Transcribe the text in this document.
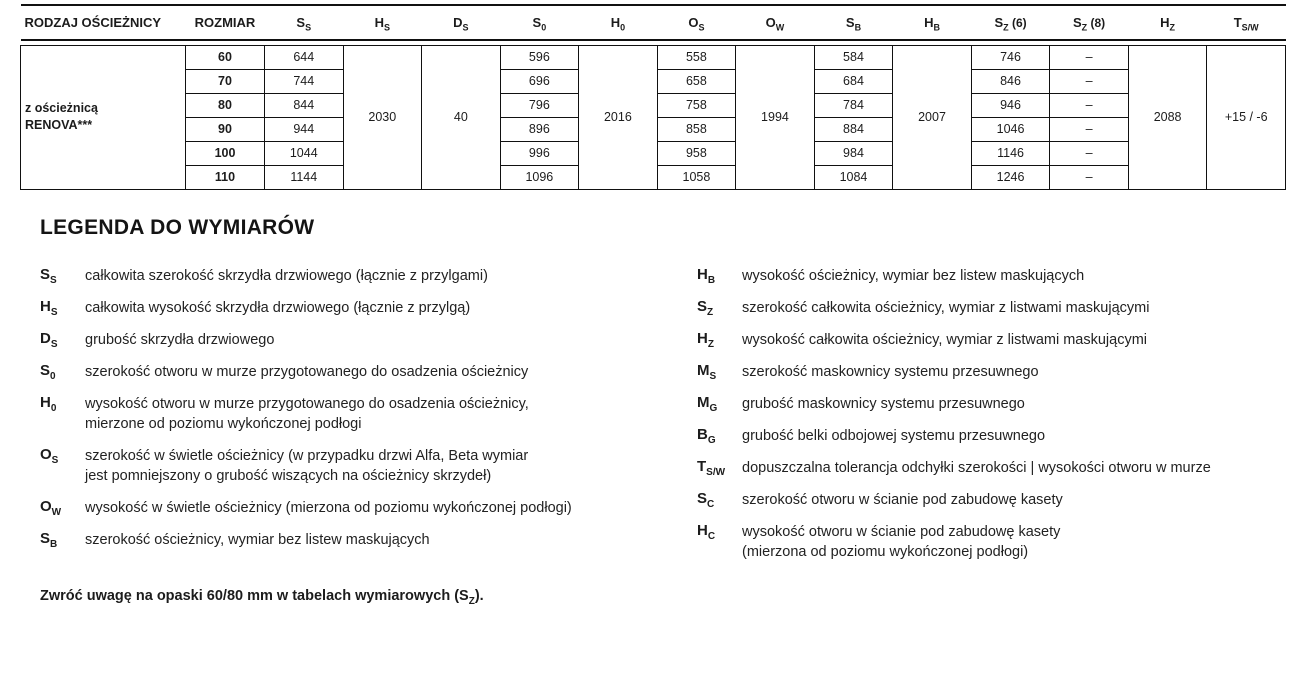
RODZAJ OŚCIEŻNICY	ROZMIAR	$S_S$	$H_S$	$D_S$	$S_0$	$H_0$	$O_S$	$O_W$	$S_B$	$H_B$	$S_Z$ (6)	$S_Z$ (8)	$H_Z$	$T_{S/W}$

z ościeżnicą
RENOVA***	60	644	2030	40	596	2016	558	1994	584	2007	746	–	2088	+15 / -6
	70	744			696		658		684		846	–		
	80	844			796		758		784		946	–		
	90	944			896		858		884		1046	–		
	100	1044			996		958		984		1146	–		
	110	1144			1096		1058		1084		1246	–		
LEGENDA DO WYMIARÓW
$S_S$	całkowita szerokość skrzydła drzwiowego (łącznie z przylgami)
$H_S$	całkowita wysokość skrzydła drzwiowego (łącznie z przylgą)
$D_S$	grubość skrzydła drzwiowego
$S_0$	szerokość otworu w murze przygotowanego do osadzenia ościeżnicy
$H_0$	wysokość otworu w murze przygotowanego do osadzenia ościeżnicy,
mierzone od poziomu wykończonej podłogi
$O_S$	szerokość w świetle ościeżnicy (w przypadku drzwi Alfa, Beta wymiar
jest pomniejszony o grubość wiszących na ościeżnicy skrzydeł)
$O_W$	wysokość w świetle ościeżnicy (mierzona od poziomu wykończonej podłogi)
$S_B$	szerokość ościeżnicy, wymiar bez listew maskujących
$H_B$	wysokość ościeżnicy, wymiar bez listew maskujących
$S_Z$	szerokość całkowita ościeżnicy, wymiar z listwami maskującymi
$H_Z$	wysokość całkowita ościeżnicy, wymiar z listwami maskującymi
$M_S$	szerokość maskownicy systemu przesuwnego
$M_G$	grubość maskownicy systemu przesuwnego
$B_G$	grubość belki odbojowej systemu przesuwnego
$T_{S/W}$	dopuszczalna tolerancja odchyłki szerokości | wysokości otworu w murze
$S_C$	szerokość otworu w ścianie pod zabudowę kasety
$H_C$	wysokość otworu w ścianie pod zabudowę kasety
(mierzona od poziomu wykończonej podłogi)

Zwróć uwagę na opaski 60/80 mm w tabelach wymiarowych $(S_Z)$.
